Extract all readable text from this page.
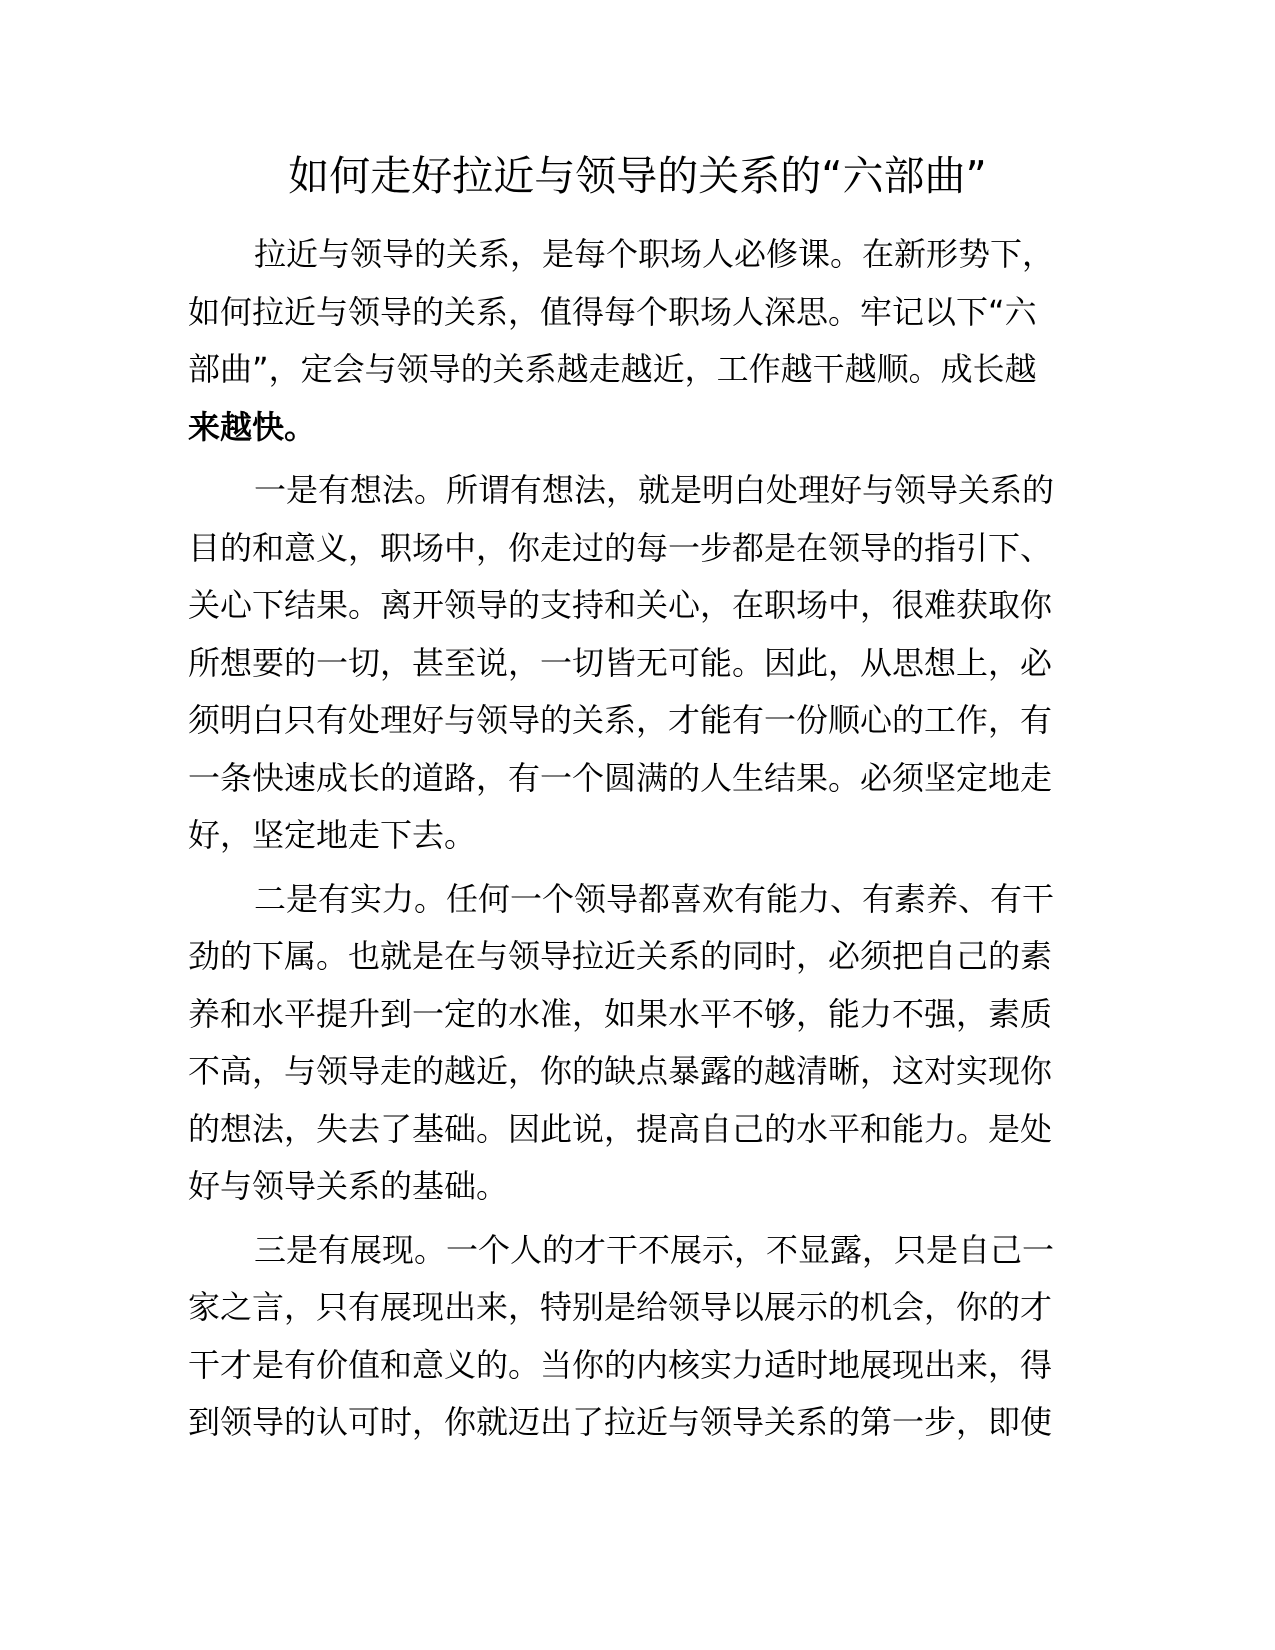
如何走好拉近与领导的关系的“六部曲”
拉近与领导的关系，是每个职场人必修课。在新形势下，
如何拉近与领导的关系，值得每个职场人深思。牢记以下“六
部曲”，定会与领导的关系越走越近，工作越干越顺。成长越
来越快。
一是有想法。所谓有想法，就是明白处理好与领导关系的
目的和意义，职场中，你走过的每一步都是在领导的指引下、
关心下结果。离开领导的支持和关心，在职场中，很难获取你
所想要的一切，甚至说，一切皆无可能。因此，从思想上，必
须明白只有处理好与领导的关系，才能有一份顺心的工作，有
一条快速成长的道路，有一个圆满的人生结果。必须坚定地走
好，坚定地走下去。
二是有实力。任何一个领导都喜欢有能力、有素养、有干
劲的下属。也就是在与领导拉近关系的同时，必须把自己的素
养和水平提升到一定的水准，如果水平不够，能力不强，素质
不高，与领导走的越近，你的缺点暴露的越清晰，这对实现你
的想法，失去了基础。因此说，提高自己的水平和能力。是处
好与领导关系的基础。
三是有展现。一个人的才干不展示，不显露，只是自己一
家之言，只有展现出来，特别是给领导以展示的机会，你的才
干才是有价值和意义的。当你的内核实力适时地展现出来，得
到领导的认可时，你就迈出了拉近与领导关系的第一步，即使
